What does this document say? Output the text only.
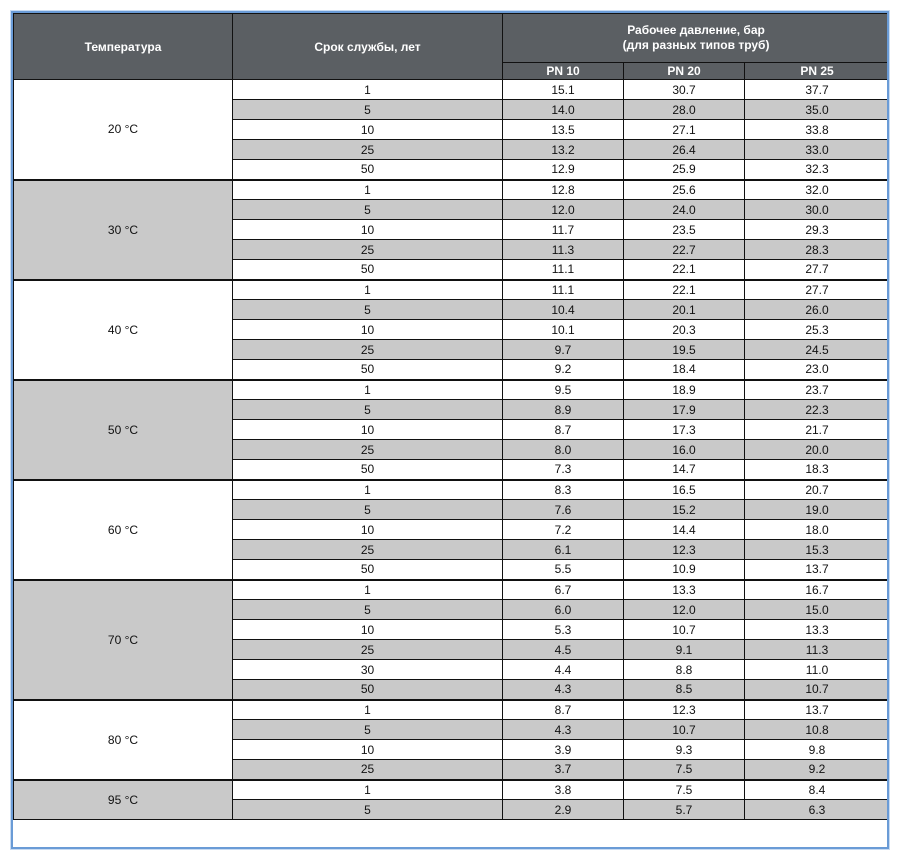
Температура	Срок службы, лет	Рабочее давление, бар
(для разных типов труб)		
		PN 10	PN 20	PN 25
20 °C	1	15.1	30.7	37.7
	5	14.0	28.0	35.0
	10	13.5	27.1	33.8
	25	13.2	26.4	33.0
	50	12.9	25.9	32.3
30 °C	1	12.8	25.6	32.0
	5	12.0	24.0	30.0
	10	11.7	23.5	29.3
	25	11.3	22.7	28.3
	50	11.1	22.1	27.7
40 °C	1	11.1	22.1	27.7
	5	10.4	20.1	26.0
	10	10.1	20.3	25.3
	25	9.7	19.5	24.5
	50	9.2	18.4	23.0
50 °C	1	9.5	18.9	23.7
	5	8.9	17.9	22.3
	10	8.7	17.3	21.7
	25	8.0	16.0	20.0
	50	7.3	14.7	18.3
60 °C	1	8.3	16.5	20.7
	5	7.6	15.2	19.0
	10	7.2	14.4	18.0
	25	6.1	12.3	15.3
	50	5.5	10.9	13.7
70 °C	1	6.7	13.3	16.7
	5	6.0	12.0	15.0
	10	5.3	10.7	13.3
	25	4.5	9.1	11.3
	30	4.4	8.8	11.0
	50	4.3	8.5	10.7
80 °C	1	8.7	12.3	13.7
	5	4.3	10.7	10.8
	10	3.9	9.3	9.8
	25	3.7	7.5	9.2
95 °C	1	3.8	7.5	8.4
	5	2.9	5.7	6.3
